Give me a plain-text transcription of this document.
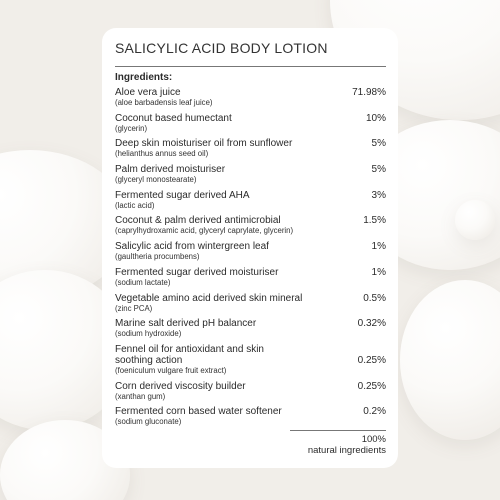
SALICYLIC ACID BODY LOTION
Ingredients:
Aloe vera juice
(aloe barbadensis leaf juice)
71.98%
Coconut based humectant
(glycerin)
10%
Deep skin moisturiser oil from sunflower
(helianthus annus seed oil)
5%
Palm derived moisturiser
(glyceryl monostearate)
5%
Fermented sugar derived AHA
(lactic acid)
3%
Coconut & palm derived antimicrobial
(caprylhydroxamic acid, glyceryl caprylate, glycerin)
1.5%
Salicylic acid from wintergreen leaf
(gaultheria procumbens)
1%
Fermented sugar derived moisturiser
(sodium lactate)
1%
Vegetable amino acid derived skin mineral
(zinc PCA)
0.5%
Marine salt derived pH balancer
(sodium hydroxide)
0.32%
Fennel oil for antioxidant and skin soothing action
(foeniculum vulgare fruit extract)
0.25%
Corn derived viscosity builder
(xanthan gum)
0.25%
Fermented corn based water softener
(sodium gluconate)
0.2%
100%
natural ingredients
